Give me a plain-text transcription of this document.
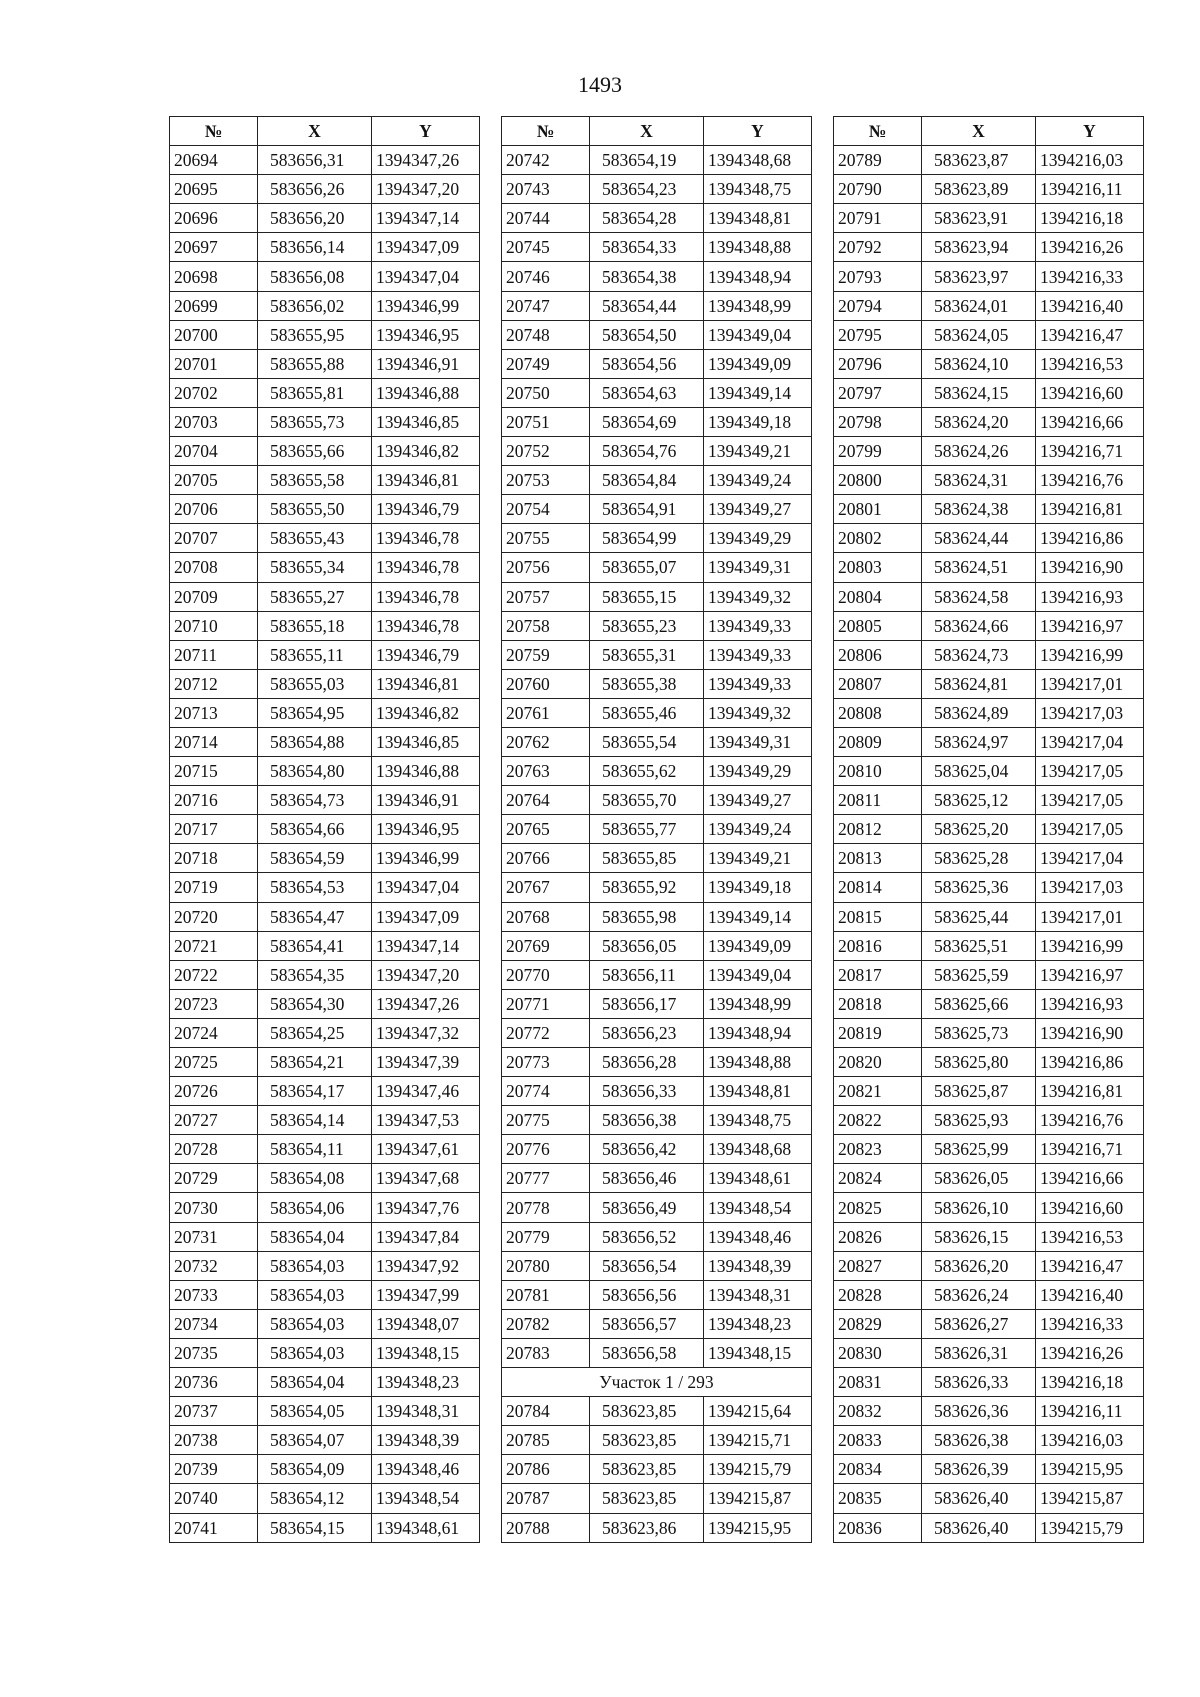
1493
№	X	Y
20694	583656,31	1394347,26
20695	583656,26	1394347,20
20696	583656,20	1394347,14
20697	583656,14	1394347,09
20698	583656,08	1394347,04
20699	583656,02	1394346,99
20700	583655,95	1394346,95
20701	583655,88	1394346,91
20702	583655,81	1394346,88
20703	583655,73	1394346,85
20704	583655,66	1394346,82
20705	583655,58	1394346,81
20706	583655,50	1394346,79
20707	583655,43	1394346,78
20708	583655,34	1394346,78
20709	583655,27	1394346,78
20710	583655,18	1394346,78
20711	583655,11	1394346,79
20712	583655,03	1394346,81
20713	583654,95	1394346,82
20714	583654,88	1394346,85
20715	583654,80	1394346,88
20716	583654,73	1394346,91
20717	583654,66	1394346,95
20718	583654,59	1394346,99
20719	583654,53	1394347,04
20720	583654,47	1394347,09
20721	583654,41	1394347,14
20722	583654,35	1394347,20
20723	583654,30	1394347,26
20724	583654,25	1394347,32
20725	583654,21	1394347,39
20726	583654,17	1394347,46
20727	583654,14	1394347,53
20728	583654,11	1394347,61
20729	583654,08	1394347,68
20730	583654,06	1394347,76
20731	583654,04	1394347,84
20732	583654,03	1394347,92
20733	583654,03	1394347,99
20734	583654,03	1394348,07
20735	583654,03	1394348,15
20736	583654,04	1394348,23
20737	583654,05	1394348,31
20738	583654,07	1394348,39
20739	583654,09	1394348,46
20740	583654,12	1394348,54
20741	583654,15	1394348,61
№	X	Y
20742	583654,19	1394348,68
20743	583654,23	1394348,75
20744	583654,28	1394348,81
20745	583654,33	1394348,88
20746	583654,38	1394348,94
20747	583654,44	1394348,99
20748	583654,50	1394349,04
20749	583654,56	1394349,09
20750	583654,63	1394349,14
20751	583654,69	1394349,18
20752	583654,76	1394349,21
20753	583654,84	1394349,24
20754	583654,91	1394349,27
20755	583654,99	1394349,29
20756	583655,07	1394349,31
20757	583655,15	1394349,32
20758	583655,23	1394349,33
20759	583655,31	1394349,33
20760	583655,38	1394349,33
20761	583655,46	1394349,32
20762	583655,54	1394349,31
20763	583655,62	1394349,29
20764	583655,70	1394349,27
20765	583655,77	1394349,24
20766	583655,85	1394349,21
20767	583655,92	1394349,18
20768	583655,98	1394349,14
20769	583656,05	1394349,09
20770	583656,11	1394349,04
20771	583656,17	1394348,99
20772	583656,23	1394348,94
20773	583656,28	1394348,88
20774	583656,33	1394348,81
20775	583656,38	1394348,75
20776	583656,42	1394348,68
20777	583656,46	1394348,61
20778	583656,49	1394348,54
20779	583656,52	1394348,46
20780	583656,54	1394348,39
20781	583656,56	1394348,31
20782	583656,57	1394348,23
20783	583656,58	1394348,15
Участок 1 / 293		
20784	583623,85	1394215,64
20785	583623,85	1394215,71
20786	583623,85	1394215,79
20787	583623,85	1394215,87
20788	583623,86	1394215,95
№	X	Y
20789	583623,87	1394216,03
20790	583623,89	1394216,11
20791	583623,91	1394216,18
20792	583623,94	1394216,26
20793	583623,97	1394216,33
20794	583624,01	1394216,40
20795	583624,05	1394216,47
20796	583624,10	1394216,53
20797	583624,15	1394216,60
20798	583624,20	1394216,66
20799	583624,26	1394216,71
20800	583624,31	1394216,76
20801	583624,38	1394216,81
20802	583624,44	1394216,86
20803	583624,51	1394216,90
20804	583624,58	1394216,93
20805	583624,66	1394216,97
20806	583624,73	1394216,99
20807	583624,81	1394217,01
20808	583624,89	1394217,03
20809	583624,97	1394217,04
20810	583625,04	1394217,05
20811	583625,12	1394217,05
20812	583625,20	1394217,05
20813	583625,28	1394217,04
20814	583625,36	1394217,03
20815	583625,44	1394217,01
20816	583625,51	1394216,99
20817	583625,59	1394216,97
20818	583625,66	1394216,93
20819	583625,73	1394216,90
20820	583625,80	1394216,86
20821	583625,87	1394216,81
20822	583625,93	1394216,76
20823	583625,99	1394216,71
20824	583626,05	1394216,66
20825	583626,10	1394216,60
20826	583626,15	1394216,53
20827	583626,20	1394216,47
20828	583626,24	1394216,40
20829	583626,27	1394216,33
20830	583626,31	1394216,26
20831	583626,33	1394216,18
20832	583626,36	1394216,11
20833	583626,38	1394216,03
20834	583626,39	1394215,95
20835	583626,40	1394215,87
20836	583626,40	1394215,79
